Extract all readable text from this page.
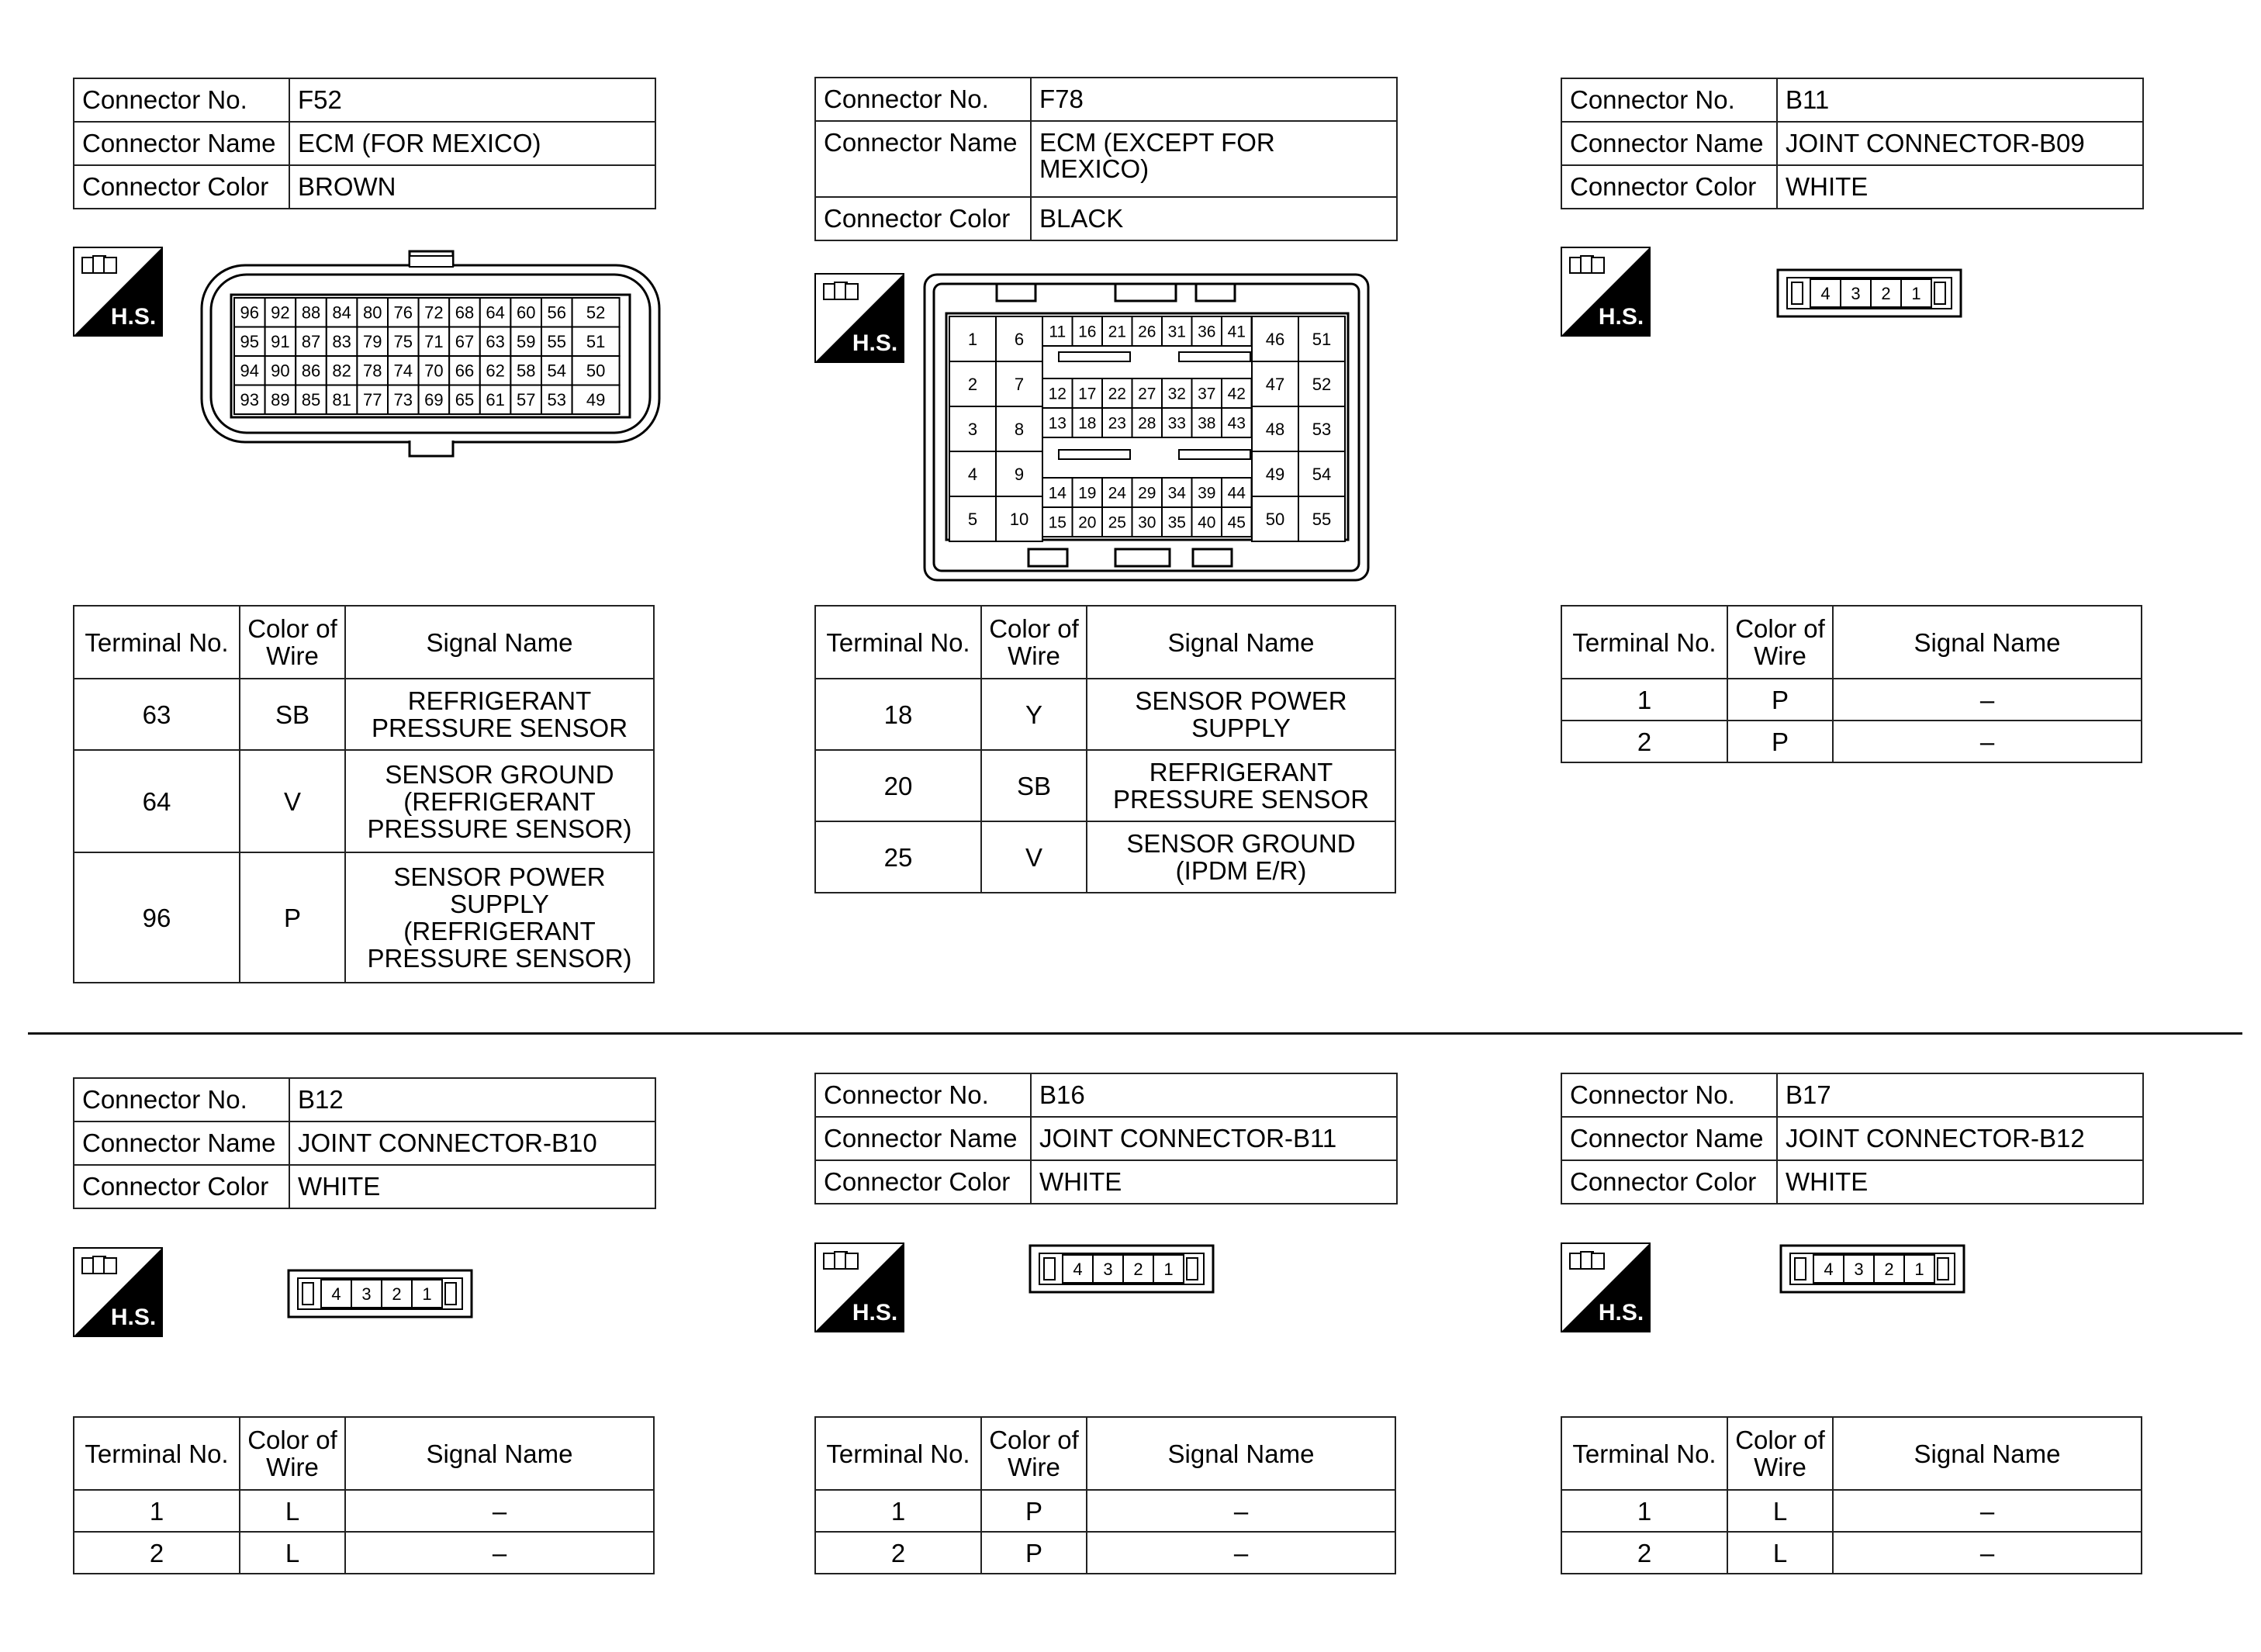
Connector No.	F52
Connector Name	ECM (FOR MEXICO)
Connector Color	BROWN
Connector No.	F78
Connector Name	ECM (EXCEPT FOR MEXICO)
Connector Color	BLACK
Connector No.	B11
Connector Name	JOINT CONNECTOR-B09
Connector Color	WHITE
Connector No.	B12
Connector Name	JOINT CONNECTOR-B10
Connector Color	WHITE
Connector No.	B16
Connector Name	JOINT CONNECTOR-B11
Connector Color	WHITE
Connector No.	B17
Connector Name	JOINT CONNECTOR-B12
Connector Color	WHITE
H.S.
H.S.
H.S.
H.S.	H.S.	H.S.
96 92 88 84 80 76 72 68 64 60 56 52
95 91 87 83 79 75 71 67 63 59 55 51
94 90 86 82 78 74 70 66 62 58 54 50
93 89 85 81 77 73 69 65 61 57 53 49
1
2
3
4
5
6
7
8
9
10
46
47
48
49
50
51
52
53
54
55
11 16 21 26 31 36 41
12 17 22 27 32 37 42
13 18 23 28 33 38 43
14 19 24 29 34 39 44
15 20 25 30 35 40 45
4 3 2 1
4 3 2 1
4 3 2 1	4 3 2 1
Terminal No.	Color of Wire	Signal Name
63	SB	REFRIGERANT PRESSURE SENSOR
64	V	SENSOR GROUND (REFRIGERANT PRESSURE SENSOR)
96	P	SENSOR POWER SUPPLY (REFRIGERANT PRESSURE SENSOR)
Terminal No.	Color of Wire	Signal Name
18	Y	SENSOR POWER SUPPLY
20	SB	REFRIGERANT PRESSURE SENSOR
25	V	SENSOR GROUND (IPDM E/R)
Terminal No.	Color of Wire	Signal Name
1	P	–
2	P	–
Terminal No.	Color of Wire	Signal Name
1	L	–
2	L	–
Terminal No.	Color of Wire	Signal Name
1	P	–
2	P	–
Terminal No.	Color of Wire	Signal Name
1	L	–
2	L	–
